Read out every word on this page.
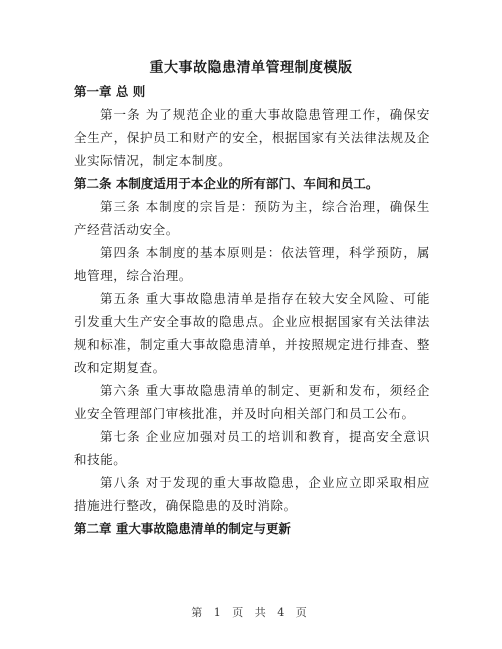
重大事故隐患清单管理制度模版

第一章 总 则

第一条 为了规范企业的重大事故隐患管理工作，确保安全生产，保护员工和财产的安全，根据国家有关法律法规及企业实际情况，制定本制度。

第二条 本制度适用于本企业的所有部门、车间和员工。

第三条 本制度的宗旨是：预防为主，综合治理，确保生产经营活动安全。

第四条 本制度的基本原则是：依法管理，科学预防，属地管理，综合治理。

第五条 重大事故隐患清单是指存在较大安全风险、可能引发重大生产安全事故的隐患点。企业应根据国家有关法律法规和标准，制定重大事故隐患清单，并按照规定进行排查、整改和定期复查。

第六条 重大事故隐患清单的制定、更新和发布，须经企业安全管理部门审核批准，并及时向相关部门和员工公布。

第七条 企业应加强对员工的培训和教育，提高安全意识和技能。

第八条 对于发现的重大事故隐患，企业应立即采取相应措施进行整改，确保隐患的及时消除。

第二章 重大事故隐患清单的制定与更新

第 1 页 共 4 页
